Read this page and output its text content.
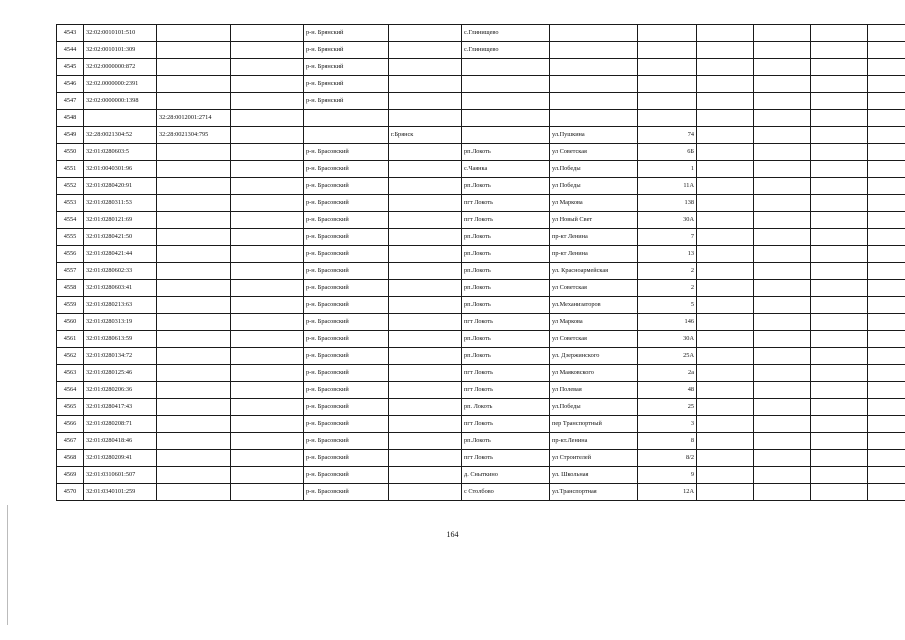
4543	32:02:0010101:510			р-н. Брянский		с.Глинищево						
4544	32:02:0010101:309			р-н. Брянский		с.Глинищево						
4545	32:02:0000000:872			р-н. Брянский								
4546	32:02.0000000:2391			р-н. Брянский								
4547	32:02:0000000:1398			р-н. Брянский								
4548		32:28:0012001:2714										
4549	32:28:0021304:52	32:28:0021304:795			г.Брянск		ул.Пушкина	74				
4550	32:01:0280603:5			р-н. Брасовский		рп.Локоть	ул Советская	6Б				
4551	32:01:0040301:96			р-н. Брасовский		с.Чаянка	ул.Победы	1				
4552	32:01:0280420:91			р-н. Брасовский		рп.Локоть	ул Победы	11А				
4553	32:01:0280311:53			р-н. Брасовский		пгт Локоть	ул Маркова	138				
4554	32:01:0280121:69			р-н. Брасовский		пгт Локоть	ул Новый Свет	30А				
4555	32:01:0280421:50			р-н. Брасовский		рп.Локоть	пр-кт Ленина	7				
4556	32:01:0280421:44			р-н. Брасовский		рп.Локоть	пр-кт Ленина	13				
4557	32:01:0280602:33			р-н. Брасовский		рп.Локоть	ул. Красноармейская	2				
4558	32:01:0280603:41			р-н. Брасовский		рп.Локоть	ул Советская	2				
4559	32:01:0280213:63			р-н. Брасовский		рп.Локоть	ул.Механизаторов	5				
4560	32:01:0280313:19			р-н. Брасовский		пгт Локоть	ул Маркова	146				
4561	32:01:0280613:59			р-н. Брасовский		рп.Локоть	ул Советская	30А				
4562	32:01:0280134:72			р-н. Брасовский		рп.Локоть	ул. Дзержинского	25А				
4563	32:01:0280125:46			р-н. Брасовский		пгт Локоть	ул Маяковского	2а				
4564	32:01:0280206:36			р-н. Брасовский		пгт Локоть	ул Полевая	48				
4565	32:01:0280417:43			р-н. Брасовский		рп. Локоть	ул.Победы	25				
4566	32:01:0280208:71			р-н. Брасовский		пгт Локоть	пер Транспортный	3				
4567	32:01:0280418:46			р-н. Брасовский		рп.Локоть	пр-кт.Ленина	8				
4568	32:01:0280209:41			р-н. Брасовский		пгт Локоть	ул Строителей	8/2				
4569	32:01:0310601:507			р-н. Брасовский		д. Сныткино	ул. Школьная	9				
4570	32:01:0340101:259			р-н. Брасовский		с Столбово	ул.Транспортная	12А				
164
